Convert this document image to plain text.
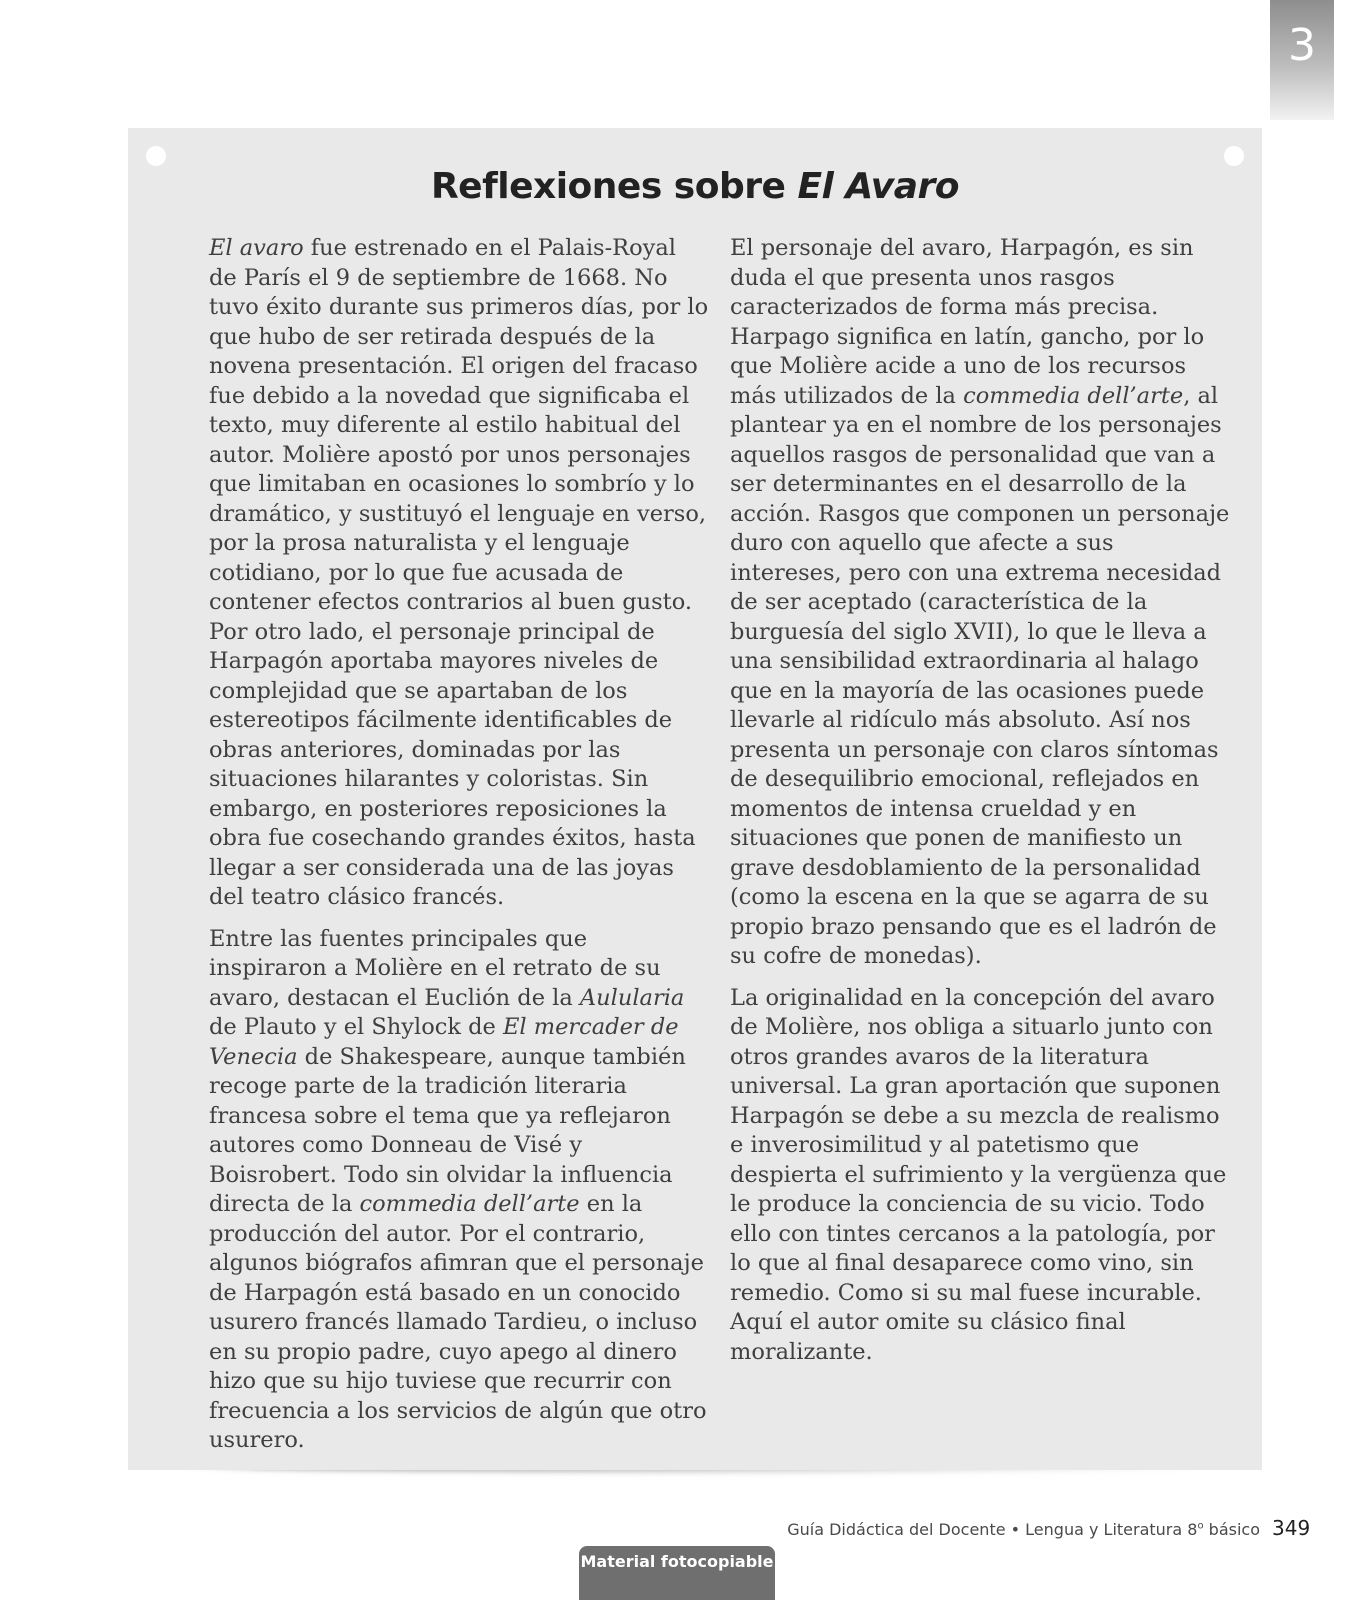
3
Reflexiones sobre El Avaro

El avaro fue estrenado en el Palais-Royal de París el 9 de septiembre de 1668. No tuvo éxito durante sus primeros días, por lo que hubo de ser retirada después de la novena presentación. El origen del fracaso fue debido a la novedad que significaba el texto, muy diferente al estilo habitual del autor. Molière apostó por unos personajes que limitaban en ocasiones lo sombrío y lo dramático, y sustituyó el lenguaje en verso, por la prosa naturalista y el lenguaje cotidiano, por lo que fue acusada de contener efectos contrarios al buen gusto. Por otro lado, el personaje principal de Harpagón aportaba mayores niveles de complejidad que se apartaban de los estereotipos fácilmente identificables de obras anteriores, dominadas por las situaciones hilarantes y coloristas. Sin embargo, en posteriores reposiciones la obra fue cosechando grandes éxitos, hasta llegar a ser considerada una de las joyas del teatro clásico francés.

Entre las fuentes principales que inspiraron a Molière en el retrato de su avaro, destacan el Euclión de la Aulularia de Plauto y el Shylock de El mercader de Venecia de Shakespeare, aunque también recoge parte de la tradición literaria francesa sobre el tema que ya reflejaron autores como Donneau de Visé y Boisrobert. Todo sin olvidar la influencia directa de la commedia dell’arte en la producción del autor. Por el contrario, algunos biógrafos afimran que el personaje de Harpagón está basado en un conocido usurero francés llamado Tardieu, o incluso en su propio padre, cuyo apego al dinero hizo que su hijo tuviese que recurrir con frecuencia a los servicios de algún que otro usurero.

El personaje del avaro, Harpagón, es sin duda el que presenta unos rasgos caracterizados de forma más precisa. Harpago significa en latín, gancho, por lo que Molière acide a uno de los recursos más utilizados de la commedia dell’arte, al plantear ya en el nombre de los personajes aquellos rasgos de personalidad que van a ser determinantes en el desarrollo de la acción. Rasgos que componen un personaje duro con aquello que afecte a sus intereses, pero con una extrema necesidad de ser aceptado (característica de la burguesía del siglo XVII), lo que le lleva a una sensibilidad extraordinaria al halago que en la mayoría de las ocasiones puede llevarle al ridículo más absoluto. Así nos presenta un personaje con claros síntomas de desequilibrio emocional, reflejados en momentos de intensa crueldad y en situaciones que ponen de manifiesto un grave desdoblamiento de la personalidad (como la escena en la que se agarra de su propio brazo pensando que es el ladrón de su cofre de monedas).

La originalidad en la concepción del avaro de Molière, nos obliga a situarlo junto con otros grandes avaros de la literatura universal. La gran aportación que suponen Harpagón se debe a su mezcla de realismo e inverosimilitud y al patetismo que despierta el sufrimiento y la vergüenza que le produce la conciencia de su vicio. Todo ello con tintes cercanos a la patología, por lo que al final desaparece como vino, sin remedio. Como si su mal fuese incurable. Aquí el autor omite su clásico final moralizante.

Guía Didáctica del Docente • Lengua y Literatura 8$^o$ básico 349
Material fotocopiable
